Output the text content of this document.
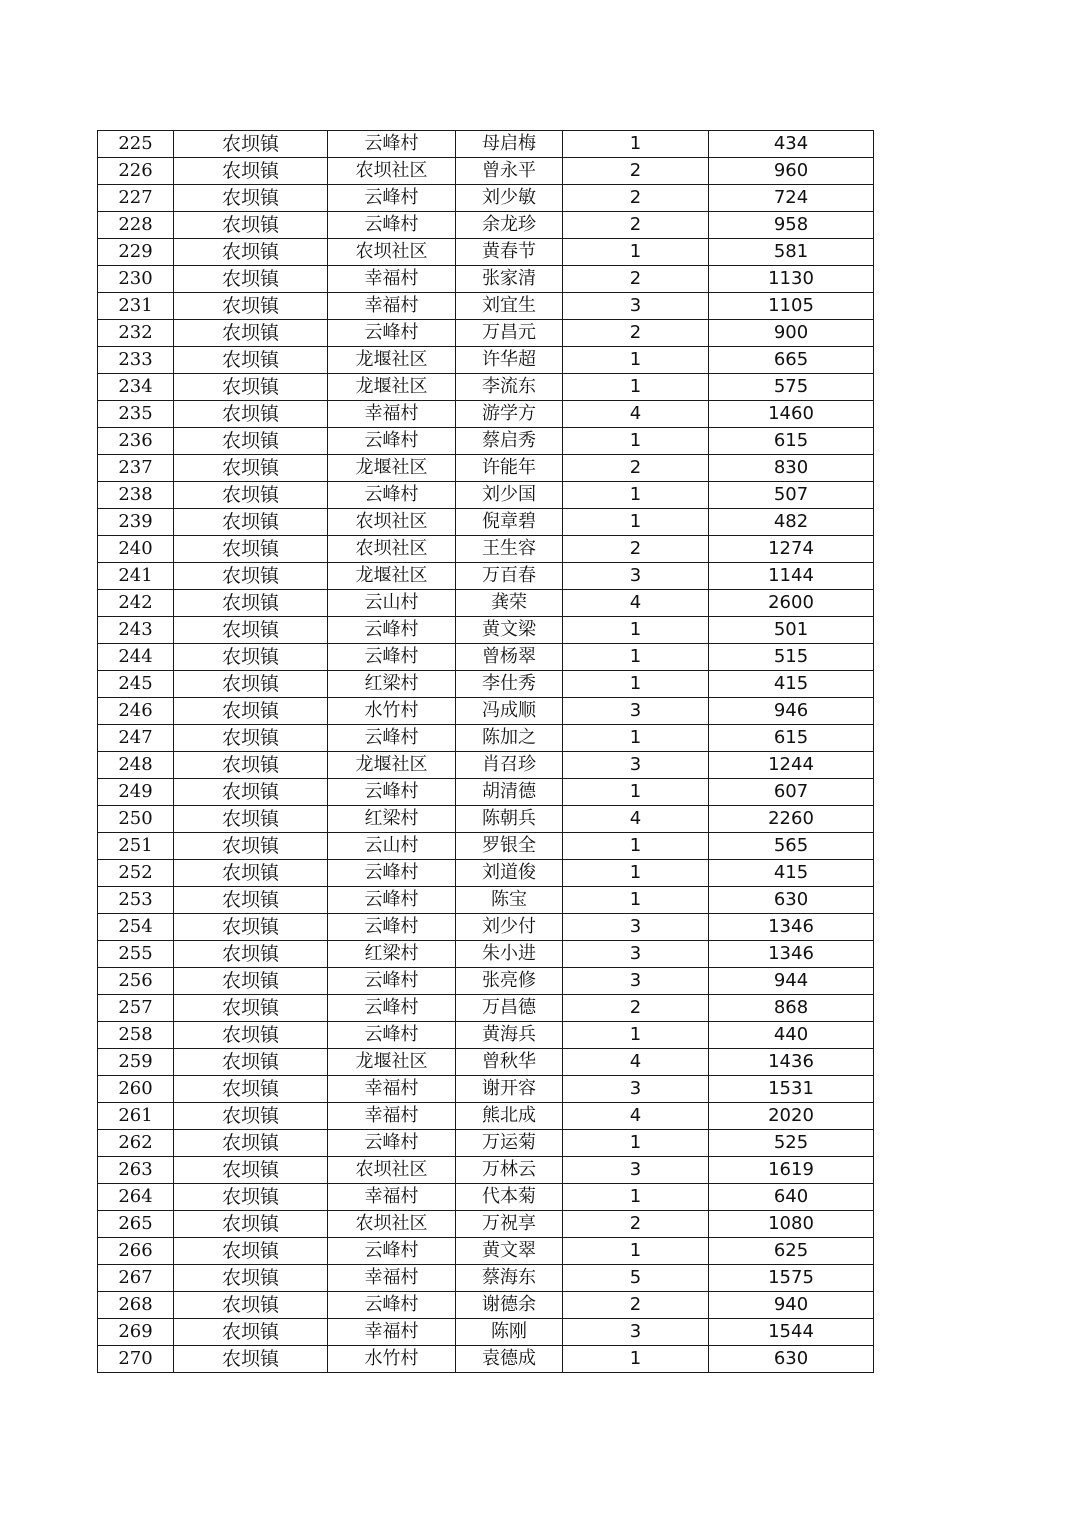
225	农坝镇	云峰村	母启梅	1	434
226	农坝镇	农坝社区	曾永平	2	960
227	农坝镇	云峰村	刘少敏	2	724
228	农坝镇	云峰村	余龙珍	2	958
229	农坝镇	农坝社区	黄春节	1	581
230	农坝镇	幸福村	张家清	2	1130
231	农坝镇	幸福村	刘宜生	3	1105
232	农坝镇	云峰村	万昌元	2	900
233	农坝镇	龙堰社区	许华超	1	665
234	农坝镇	龙堰社区	李流东	1	575
235	农坝镇	幸福村	游学方	4	1460
236	农坝镇	云峰村	蔡启秀	1	615
237	农坝镇	龙堰社区	许能年	2	830
238	农坝镇	云峰村	刘少国	1	507
239	农坝镇	农坝社区	倪章碧	1	482
240	农坝镇	农坝社区	王生容	2	1274
241	农坝镇	龙堰社区	万百春	3	1144
242	农坝镇	云山村	龚荣	4	2600
243	农坝镇	云峰村	黄文梁	1	501
244	农坝镇	云峰村	曾杨翠	1	515
245	农坝镇	红梁村	李仕秀	1	415
246	农坝镇	水竹村	冯成顺	3	946
247	农坝镇	云峰村	陈加之	1	615
248	农坝镇	龙堰社区	肖召珍	3	1244
249	农坝镇	云峰村	胡清德	1	607
250	农坝镇	红梁村	陈朝兵	4	2260
251	农坝镇	云山村	罗银全	1	565
252	农坝镇	云峰村	刘道俊	1	415
253	农坝镇	云峰村	陈宝	1	630
254	农坝镇	云峰村	刘少付	3	1346
255	农坝镇	红梁村	朱小进	3	1346
256	农坝镇	云峰村	张亮修	3	944
257	农坝镇	云峰村	万昌德	2	868
258	农坝镇	云峰村	黄海兵	1	440
259	农坝镇	龙堰社区	曾秋华	4	1436
260	农坝镇	幸福村	谢开容	3	1531
261	农坝镇	幸福村	熊北成	4	2020
262	农坝镇	云峰村	万运菊	1	525
263	农坝镇	农坝社区	万林云	3	1619
264	农坝镇	幸福村	代本菊	1	640
265	农坝镇	农坝社区	万祝享	2	1080
266	农坝镇	云峰村	黄文翠	1	625
267	农坝镇	幸福村	蔡海东	5	1575
268	农坝镇	云峰村	谢德余	2	940
269	农坝镇	幸福村	陈刚	3	1544
270	农坝镇	水竹村	袁德成	1	630
